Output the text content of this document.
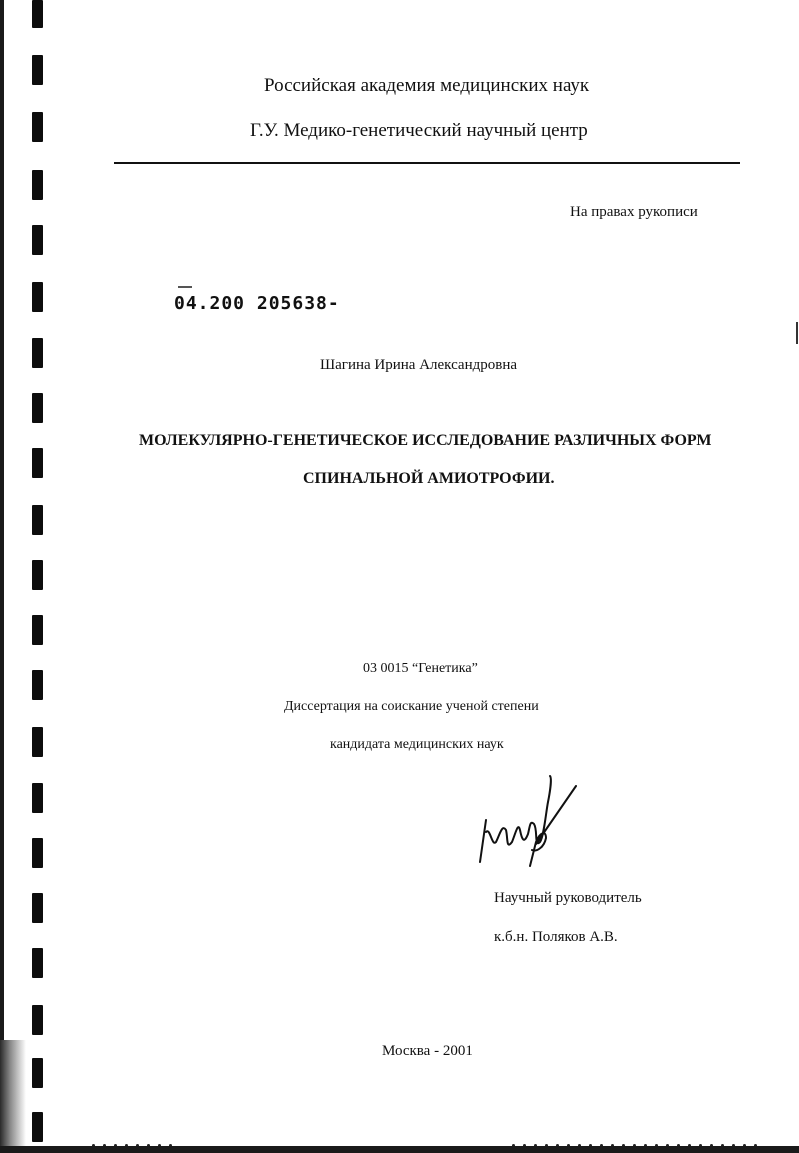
Российская академия медицинских наук
Г.У. Медико-генетический научный центр
На правах рукописи
04.200 205638-
Шагина Ирина Александровна
МОЛЕКУЛЯРНО-ГЕНЕТИЧЕСКОЕ ИССЛЕДОВАНИЕ РАЗЛИЧНЫХ ФОРМ
СПИНАЛЬНОЙ АМИОТРОФИИ.
03 0015 “Генетика”
Диссертация на соискание ученой степени
кандидата медицинских наук
Научный руководитель
к.б.н. Поляков А.В.
Москва - 2001
